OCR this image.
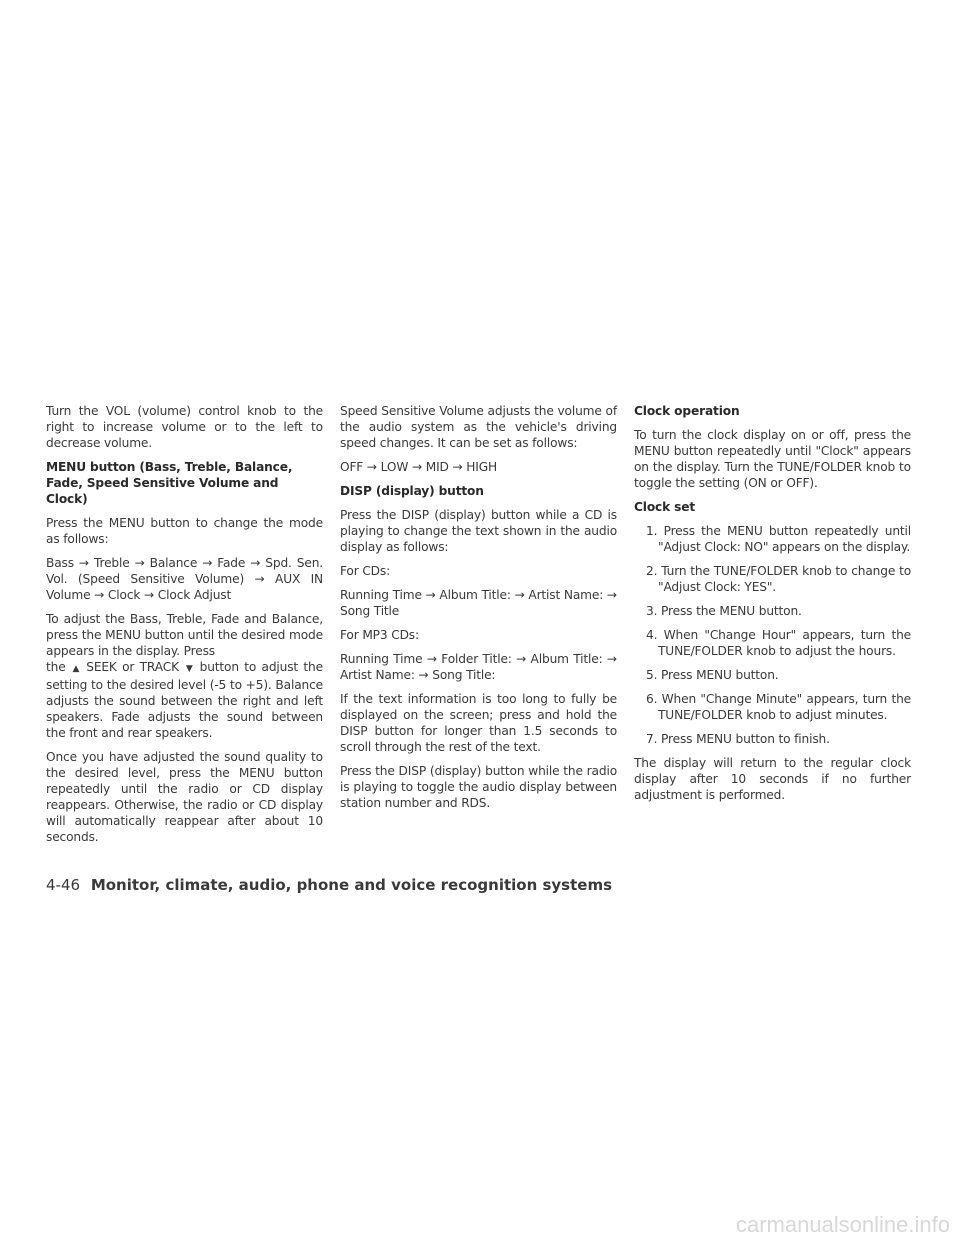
Turn the VOL (volume) control knob to the right to increase volume or to the left to decrease volume.

MENU button (Bass, Treble, Balance, Fade, Speed Sensitive Volume and Clock)

Press the MENU button to change the mode as follows:

Bass → Treble → Balance → Fade → Spd. Sen. Vol. (Speed Sensitive Volume) → AUX IN Volume → Clock → Clock Adjust

To adjust the Bass, Treble, Fade and Balance, press the MENU button until the desired mode appears in the display. Press

the ▲ SEEK or TRACK ▼ button to adjust the setting to the desired level (-5 to +5). Balance adjusts the sound between the right and left speakers. Fade adjusts the sound between the front and rear speakers.

Once you have adjusted the sound quality to the desired level, press the MENU button repeatedly until the radio or CD display reappears. Otherwise, the radio or CD display will automatically reappear after about 10 seconds.

Speed Sensitive Volume adjusts the volume of the audio system as the vehicle's driving speed changes. It can be set as follows:

OFF → LOW → MID → HIGH

DISP (display) button

Press the DISP (display) button while a CD is playing to change the text shown in the audio display as follows:

For CDs:

Running Time → Album Title: → Artist Name: → Song Title

For MP3 CDs:

Running Time → Folder Title: → Album Title: → Artist Name: → Song Title:

If the text information is too long to fully be displayed on the screen; press and hold the DISP button for longer than 1.5 seconds to scroll through the rest of the text.

Press the DISP (display) button while the radio is playing to toggle the audio display between station number and RDS.

Clock operation

To turn the clock display on or off, press the MENU button repeatedly until "Clock" appears on the display. Turn the TUNE/FOLDER knob to toggle the setting (ON or OFF).

Clock set
1. Press the MENU button repeatedly until "Adjust Clock: NO" appears on the display.
2. Turn the TUNE/FOLDER knob to change to "Adjust Clock: YES".
3. Press the MENU button.
4. When "Change Hour" appears, turn the TUNE/FOLDER knob to adjust the hours.
5. Press MENU button.
6. When "Change Minute" appears, turn the TUNE/FOLDER knob to adjust minutes.
7. Press MENU button to finish.

The display will return to the regular clock display after 10 seconds if no further adjustment is performed.

4-46 Monitor, climate, audio, phone and voice recognition systems
carmanualsonline.info
